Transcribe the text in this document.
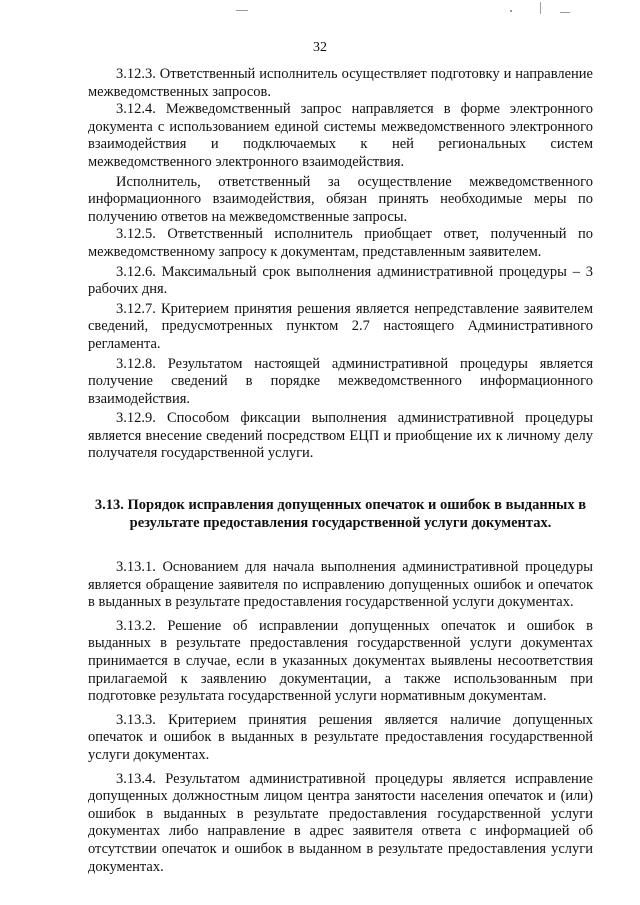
32

3.12.3. Ответственный исполнитель осуществляет подготовку и направление межведомственных запросов.

3.12.4. Межведомственный запрос направляется в форме электронного документа с использованием единой системы межведомственного электронного взаимодействия и подключаемых к ней региональных систем межведомственного электронного взаимодействия.

Исполнитель, ответственный за осуществление межведомственного информационного взаимодействия, обязан принять необходимые меры по получению ответов на межведомственные запросы.

3.12.5. Ответственный исполнитель приобщает ответ, полученный по межведомственному запросу к документам, представленным заявителем.

3.12.6. Максимальный срок выполнения административной процедуры – 3 рабочих дня.

3.12.7. Критерием принятия решения является непредставление заявителем сведений, предусмотренных пунктом 2.7 настоящего Административного регламента.

3.12.8. Результатом настоящей административной процедуры является получение сведений в порядке межведомственного информационного взаимодействия.

3.12.9. Способом фиксации выполнения административной процедуры является внесение сведений посредством ЕЦП и приобщение их к личному делу получателя государственной услуги.

3.13. Порядок исправления допущенных опечаток и ошибок в выданных в результате предоставления государственной услуги документах.

3.13.1. Основанием для начала выполнения административной процедуры является обращение заявителя по исправлению допущенных ошибок и опечаток в выданных в результате предоставления государственной услуги документах.

3.13.2. Решение об исправлении допущенных опечаток и ошибок в выданных в результате предоставления государственной услуги документах принимается в случае, если в указанных документах выявлены несоответствия прилагаемой к заявлению документации, а также использованным при подготовке результата государственной услуги нормативным документам.

3.13.3. Критерием принятия решения является наличие допущенных опечаток и ошибок в выданных в результате предоставления государственной услуги документах.

3.13.4. Результатом административной процедуры является исправление допущенных должностным лицом центра занятости населения опечаток и (или) ошибок в выданных в результате предоставления государственной услуги документах либо направление в адрес заявителя ответа с информацией об отсутствии опечаток и ошибок в выданном в результате предоставления услуги документах.
